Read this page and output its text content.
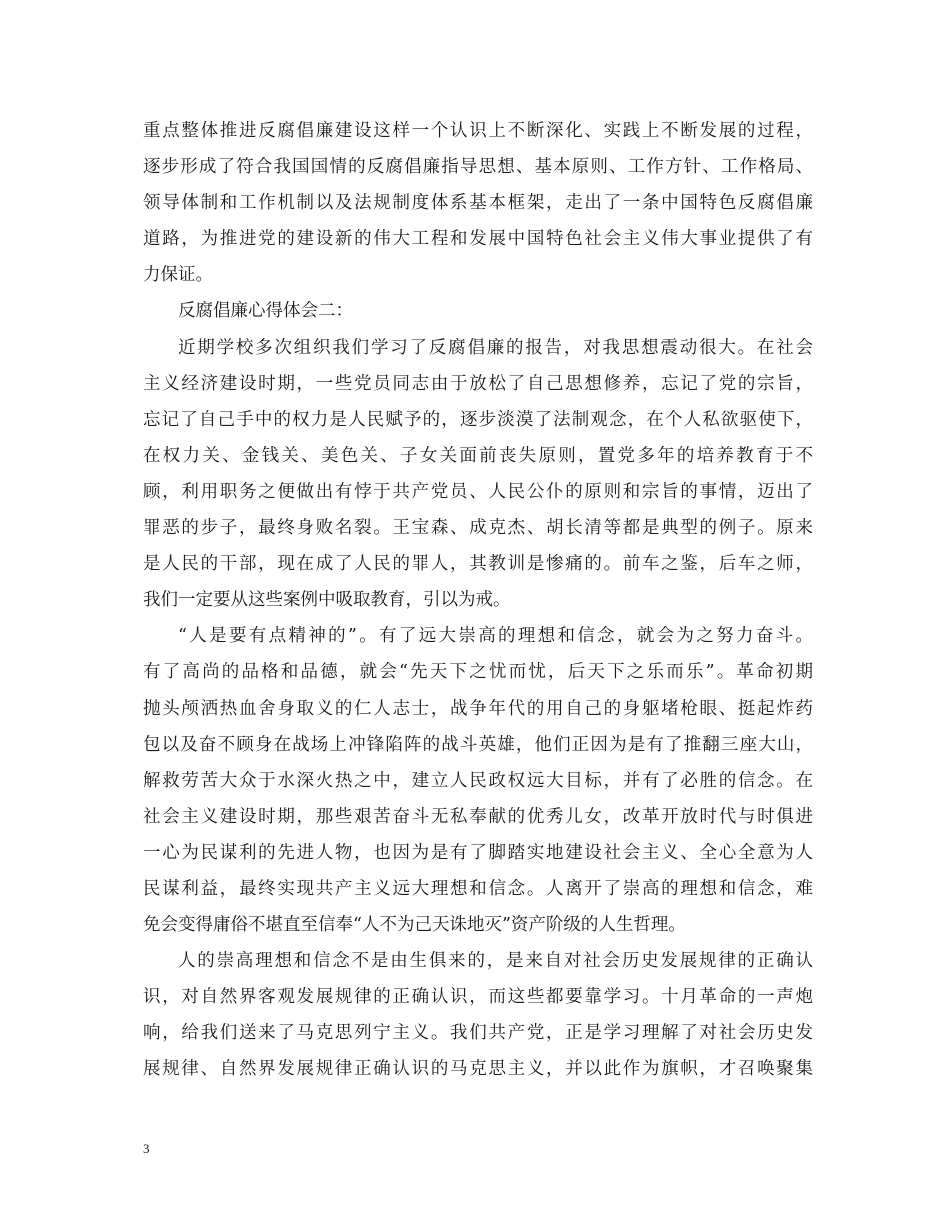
重点整体推进反腐倡廉建设这样一个认识上不断深化、实践上不断发展的过程，
逐步形成了符合我国国情的反腐倡廉指导思想、基本原则、工作方针、工作格局、
领导体制和工作机制以及法规制度体系基本框架，走出了一条中国特色反腐倡廉
道路，为推进党的建设新的伟大工程和发展中国特色社会主义伟大事业提供了有
力保证。
反腐倡廉心得体会二：
近期学校多次组织我们学习了反腐倡廉的报告，对我思想震动很大。在社会
主义经济建设时期，一些党员同志由于放松了自己思想修养，忘记了党的宗旨，
忘记了自己手中的权力是人民赋予的，逐步淡漠了法制观念，在个人私欲驱使下，
在权力关、金钱关、美色关、子女关面前丧失原则，置党多年的培养教育于不
顾，利用职务之便做出有悖于共产党员、人民公仆的原则和宗旨的事情，迈出了
罪恶的步子，最终身败名裂。王宝森、成克杰、胡长清等都是典型的例子。原来
是人民的干部，现在成了人民的罪人，其教训是惨痛的。前车之鉴，后车之师，
我们一定要从这些案例中吸取教育，引以为戒。
“人是要有点精神的”。有了远大崇高的理想和信念，就会为之努力奋斗。
有了高尚的品格和品德，就会“先天下之忧而忧，后天下之乐而乐”。革命初期
抛头颅洒热血舍身取义的仁人志士，战争年代的用自己的身躯堵枪眼、挺起炸药
包以及奋不顾身在战场上冲锋陷阵的战斗英雄，他们正因为是有了推翻三座大山，
解救劳苦大众于水深火热之中，建立人民政权远大目标，并有了必胜的信念。在
社会主义建设时期，那些艰苦奋斗无私奉献的优秀儿女，改革开放时代与时俱进
一心为民谋利的先进人物，也因为是有了脚踏实地建设社会主义、全心全意为人
民谋利益，最终实现共产主义远大理想和信念。人离开了崇高的理想和信念，难
免会变得庸俗不堪直至信奉“人不为己天诛地灭”资产阶级的人生哲理。
人的崇高理想和信念不是由生俱来的，是来自对社会历史发展规律的正确认
识，对自然界客观发展规律的正确认识，而这些都要靠学习。十月革命的一声炮
响，给我们送来了马克思列宁主义。我们共产党，正是学习理解了对社会历史发
展规律、自然界发展规律正确认识的马克思主义，并以此作为旗帜，才召唤聚集
3
